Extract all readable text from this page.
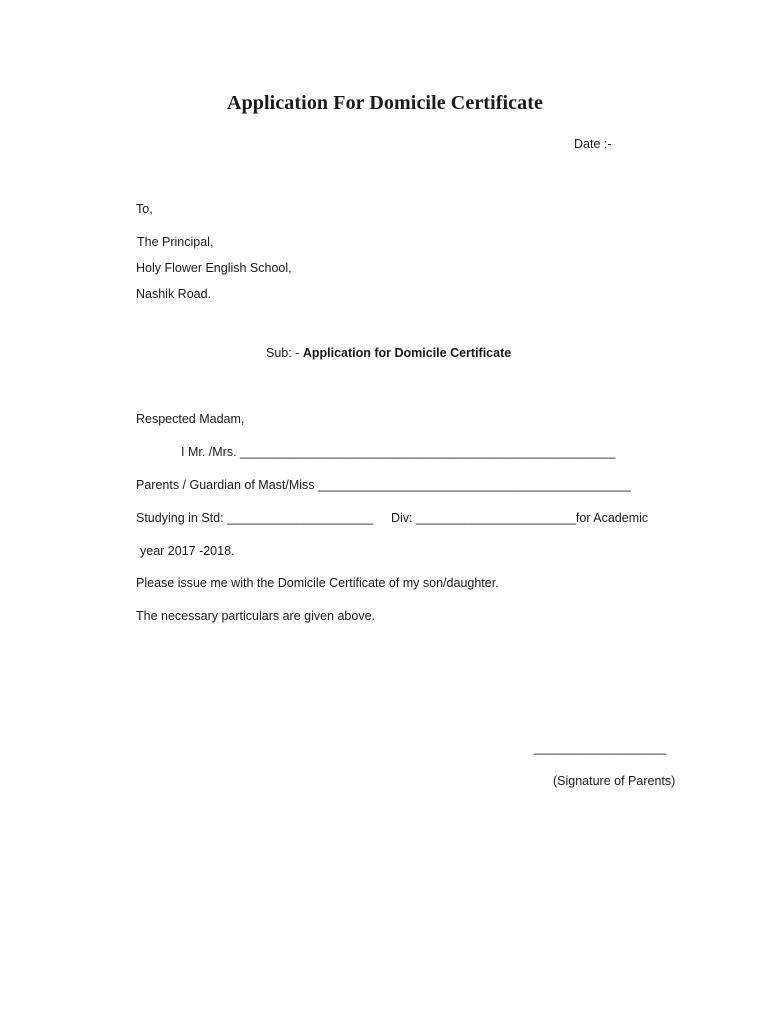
Application For Domicile Certificate
Date :-
To,
The Principal,
Holy Flower English School,
Nashik Road.
Sub: - Application for Domicile Certificate
Respected Madam,
I Mr. /Mrs. ______________________________________________________
Parents / Guardian of Mast/Miss _____________________________________________
Studying in Std: _____________________ Div: _______________________for Academic
year 2017 -2018.
Please issue me with the Domicile Certificate of my son/daughter.
The necessary particulars are given above.
___________________
(Signature of Parents)
